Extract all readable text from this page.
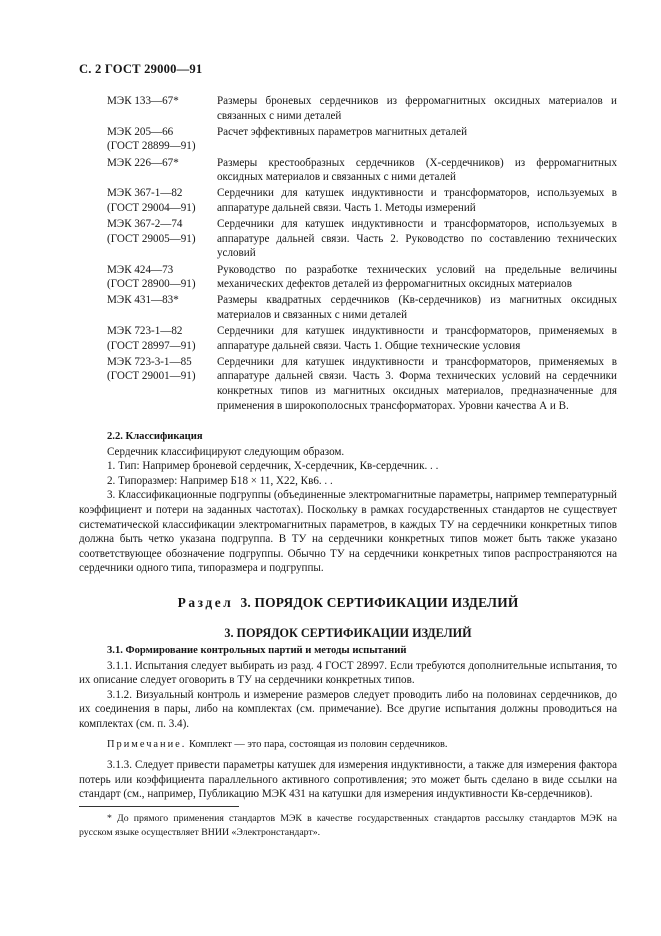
С. 2 ГОСТ 29000—91
МЭК 133—67*	Размеры броневых сердечников из ферромагнитных оксидных материалов и связанных с ними деталей
МЭК 205—66
(ГОСТ 28899—91)
Расчет эффективных параметров магнитных деталей
МЭК 226—67*	Размеры крестообразных сердечников (Х-сердечников) из ферромагнитных оксидных материалов и связанных с ними деталей
МЭК 367-1—82
(ГОСТ 29004—91)
Сердечники для катушек индуктивности и трансформаторов, используемых в аппаратуре дальней связи. Часть 1. Методы измерений
МЭК 367-2—74
(ГОСТ 29005—91)
Сердечники для катушек индуктивности и трансформаторов, используемых в аппаратуре дальней связи. Часть 2. Руководство по составлению технических условий
МЭК 424—73
(ГОСТ 28900—91)
Руководство по разработке технических условий на предельные величины механических дефектов деталей из ферромагнитных оксидных материалов
МЭК 431—83*	Размеры квадратных сердечников (Кв-сердечников) из магнитных оксидных материалов и связанных с ними деталей
МЭК 723-1—82
(ГОСТ 28997—91)
Сердечники для катушек индуктивности и трансформаторов, применяемых в аппаратуре дальней связи. Часть 1. Общие технические условия
МЭК 723-3-1—85
(ГОСТ 29001—91)
Сердечники для катушек индуктивности и трансформаторов, применяемых в аппаратуре дальней связи. Часть 3. Форма технических условий на сердечники конкретных типов из магнитных оксидных материалов, предназначенные для применения в широкополосных трансформаторах. Уровни качества А и В.

2.2. Классификация

Сердечник классифицируют следующим образом.

1. Тип: Например броневой сердечник, Х-сердечник, Кв-сердечник. . .

2. Типоразмер: Например Б18 × 11, Х22, Кв6. . .

3. Классификационные подгруппы (объединенные электромагнитные параметры, например температурный коэффициент и потери на заданных частотах). Поскольку в рамках государственных стандартов не существует систематической классификации электромагнитных параметров, в каждых ТУ на сердечники конкретных типов должна быть четко указана подгруппа. В ТУ на сердечники конкретных типов может быть также указано соответствующее обозначение подгруппы. Обычно ТУ на сердечники конкретных типов распространяются на сердечники одного типа, типоразмера и подгруппы.

Раздел 3. ПОРЯДОК СЕРТИФИКАЦИИ ИЗДЕЛИЙ
3. ПОРЯДОК СЕРТИФИКАЦИИ ИЗДЕЛИЙ

3.1. Формирование контрольных партий и методы испытаний

3.1.1. Испытания следует выбирать из разд. 4 ГОСТ 28997. Если требуются дополнительные испытания, то их описание следует оговорить в ТУ на сердечники конкретных типов.

3.1.2. Визуальный контроль и измерение размеров следует проводить либо на половинах сердечников, до их соединения в пары, либо на комплектах (см. примечание). Все другие испытания должны проводиться на комплектах (см. п. 3.4).

Примечание. Комплект — это пара, состоящая из половин сердечников.

3.1.3. Следует привести параметры катушек для измерения индуктивности, а также для измерения фактора потерь или коэффициента параллельного активного сопротивления; это может быть сделано в виде ссылки на стандарт (см., например, Публикацию МЭК 431 на катушки для измерения индуктивности Кв-сердечников).

* До прямого применения стандартов МЭК в качестве государственных стандартов рассылку стандартов МЭК на русском языке осуществляет ВНИИ «Электронстандарт».
